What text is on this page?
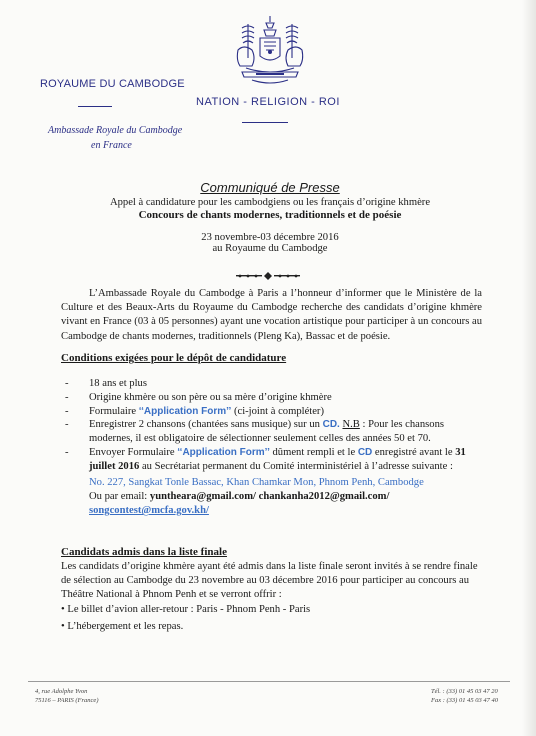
ROYAUME DU CAMBODGE
NATION - RELIGION - ROI
Ambassade Royale du Cambodge
en France
Communiqué de Presse
Appel à candidature pour les cambodgiens ou les français d’origine khmère
Concours de chants modernes, traditionnels et de poésie
23 novembre-03 décembre 2016
au Royaume du Cambodge
L’Ambassade Royale du Cambodge à Paris a l’honneur d’informer que le Ministère de la Culture et des Beaux-Arts du Royaume du Cambodge recherche des candidats d’origine khmère vivant en France (03 à 05 personnes) ayant une vocation artistique pour participer à un concours au Cambodge de chants modernes, traditionnels (Pleng Ka), Bassac et de poésie.
Conditions exigées pour le dépôt de candidature
- 18 ans et plus
- Origine khmère ou son père ou sa mère d’origine khmère
- Formulaire ‘‘Application Form’’ (ci-joint à compléter)
- Enregistrer 2 chansons (chantées sans musique) sur un CD. N.B : Pour les chansons modernes, il est obligatoire de sélectionner seulement celles des années 50 et 70.
- Envoyer Formulaire ‘‘Application Form’’ dûment rempli et le CD enregistré avant le 31 juillet 2016 au Secrétariat permanent du Comité interministériel à l’adresse suivante :
No. 227, Sangkat Tonle Bassac, Khan Chamkar Mon, Phnom Penh, Cambodge
Ou par email: yuntheara@gmail.com/ chankanha2012@gmail.com/
songcontest@mcfa.gov.kh/
Candidats admis dans la liste finale
Les candidats d’origine khmère ayant été admis dans la liste finale seront invités à se rendre finale de sélection au Cambodge du 23 novembre au 03 décembre 2016 pour participer au concours au Théâtre National à Phnom Penh et se verront offrir :
• Le billet d’avion aller-retour : Paris - Phnom Penh - Paris
• L’hébergement et les repas.
4, rue Adolphe Yvon
75116 – PARIS (France)
Tél. : (33) 01 45 03 47 20
Fax : (33) 01 45 03 47 40
